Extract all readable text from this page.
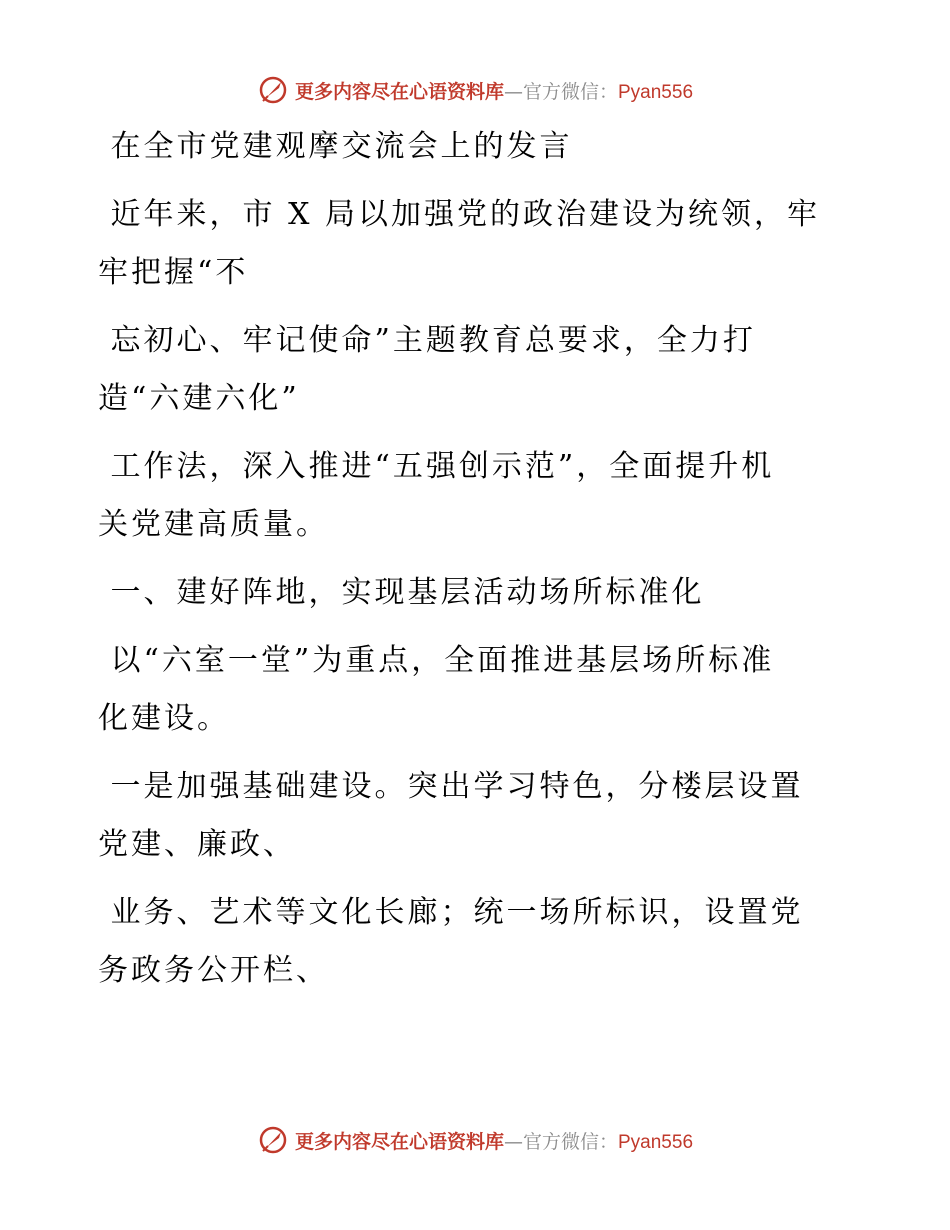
更多内容尽在心语资料库—官方微信：Pyan556

在全市党建观摩交流会上的发言

近年来，市 X 局以加强党的政治建设为统领，牢
牢把握“不

忘初心、牢记使命”主题教育总要求，全力打
造“六建六化”

工作法，深入推进“五强创示范”，全面提升机
关党建高质量。

一、建好阵地，实现基层活动场所标准化

以“六室一堂”为重点，全面推进基层场所标准
化建设。

一是加强基础建设。突出学习特色，分楼层设置
党建、廉政、

业务、艺术等文化长廊；统一场所标识，设置党
务政务公开栏、

更多内容尽在心语资料库—官方微信：Pyan556
